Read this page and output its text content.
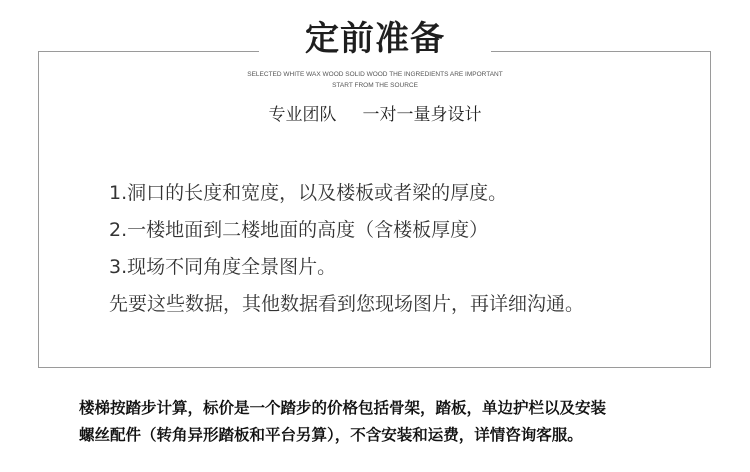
定前准备
SELECTED WHITE WAX WOOD SOLID WOOD THE INGREDIENTS ARE IMPORTANT
START FROM THE SOURCE
专业团队 一对一量身设计
1.洞口的长度和宽度，以及楼板或者梁的厚度。
2.一楼地面到二楼地面的高度（含楼板厚度）
3.现场不同角度全景图片。
先要这些数据，其他数据看到您现场图片，再详细沟通。
楼梯按踏步计算，标价是一个踏步的价格包括骨架，踏板，单边护栏以及安装
螺丝配件（转角异形踏板和平台另算），不含安装和运费，详情咨询客服。
